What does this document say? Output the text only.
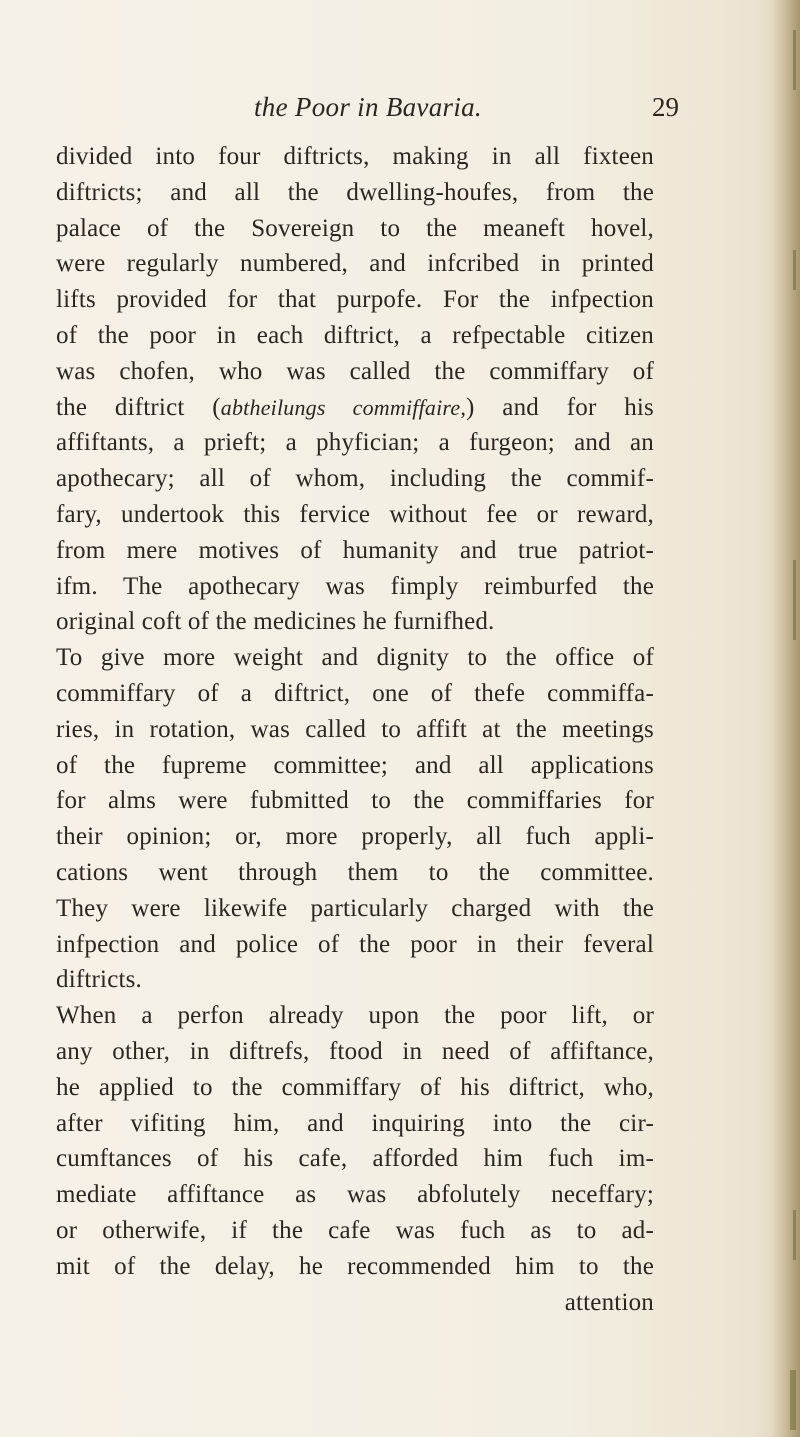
the Poor in Bavaria.	29
divided into four diftricts, making in all fixteen
diftricts; and all the dwelling-houfes, from the
palace of the Sovereign to the meaneft hovel,
were regularly numbered, and infcribed in printed
lifts provided for that purpofe. For the infpection
of the poor in each diftrict, a refpectable citizen
was chofen, who was called the commiffary of
the diftrict (abtheilungs commiffaire,) and for his
affiftants, a prieft; a phyfician; a furgeon; and an
apothecary; all of whom, including the commif-
fary, undertook this fervice without fee or reward,
from mere motives of humanity and true patriot-
ifm. The apothecary was fimply reimburfed the
original coft of the medicines he furnifhed.
To give more weight and dignity to the office of
commiffary of a diftrict, one of thefe commiffa-
ries, in rotation, was called to affift at the meetings
of the fupreme committee; and all applications
for alms were fubmitted to the commiffaries for
their opinion; or, more properly, all fuch appli-
cations went through them to the committee.
They were likewife particularly charged with the
infpection and police of the poor in their feveral
diftricts.
When a perfon already upon the poor lift, or
any other, in diftrefs, ftood in need of affiftance,
he applied to the commiffary of his diftrict, who,
after vifiting him, and inquiring into the cir-
cumftances of his cafe, afforded him fuch im-
mediate affiftance as was abfolutely neceffary;
or otherwife, if the cafe was fuch as to ad-
mit of the delay, he recommended him to the
attention
